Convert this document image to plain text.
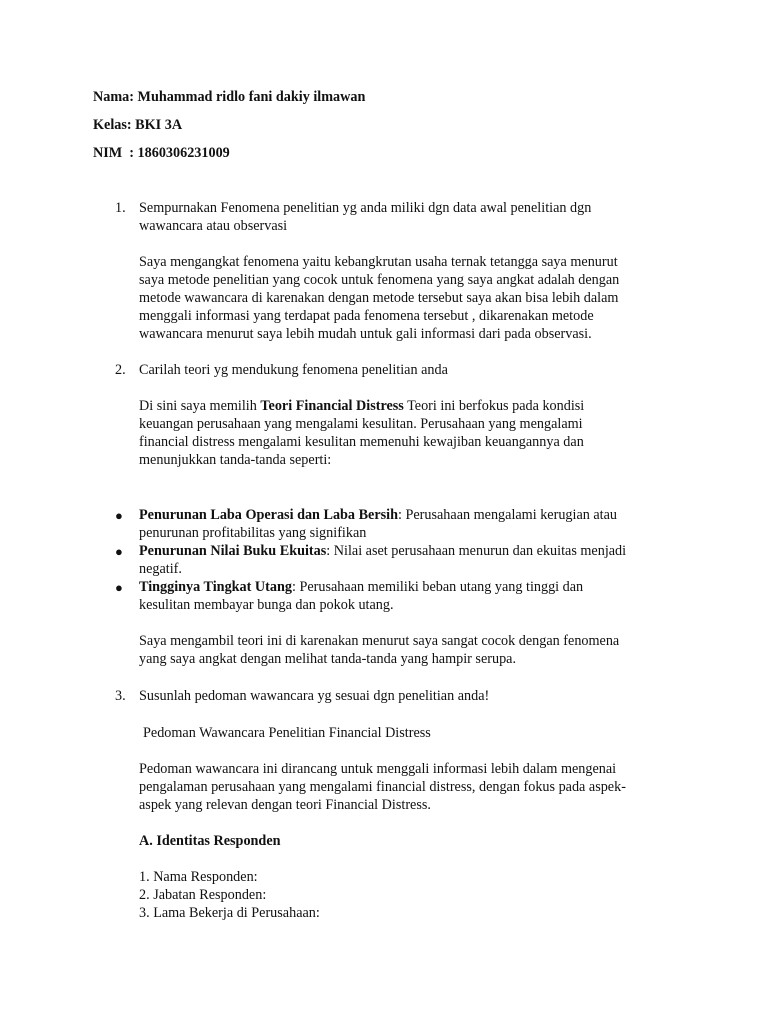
Nama: Muhammad ridlo fani dakiy ilmawan
Kelas: BKI 3A
NIM  : 1860306231009
1. Sempurnakan Fenomena penelitian yg anda miliki dgn data awal penelitian dgn
wawancara atau observasi
Saya mengangkat fenomena yaitu kebangkrutan usaha ternak tetangga saya menurut
saya metode penelitian yang cocok untuk fenomena yang saya angkat adalah dengan
metode wawancara di karenakan dengan metode tersebut saya akan bisa lebih dalam
menggali informasi yang terdapat pada fenomena tersebut , dikarenakan metode
wawancara menurut saya lebih mudah untuk gali informasi dari pada observasi.
2. Carilah teori yg mendukung fenomena penelitian anda
Di sini saya memilih Teori Financial Distress Teori ini berfokus pada kondisi
keuangan perusahaan yang mengalami kesulitan. Perusahaan yang mengalami
financial distress mengalami kesulitan memenuhi kewajiban keuangannya dan
menunjukkan tanda-tanda seperti:
● Penurunan Laba Operasi dan Laba Bersih: Perusahaan mengalami kerugian atau
penurunan profitabilitas yang signifikan
● Penurunan Nilai Buku Ekuitas: Nilai aset perusahaan menurun dan ekuitas menjadi
negatif.
● Tingginya Tingkat Utang: Perusahaan memiliki beban utang yang tinggi dan
kesulitan membayar bunga dan pokok utang.
Saya mengambil teori ini di karenakan menurut saya sangat cocok dengan fenomena
yang saya angkat dengan melihat tanda-tanda yang hampir serupa.
3. Susunlah pedoman wawancara yg sesuai dgn penelitian anda!
Pedoman Wawancara Penelitian Financial Distress
Pedoman wawancara ini dirancang untuk menggali informasi lebih dalam mengenai
pengalaman perusahaan yang mengalami financial distress, dengan fokus pada aspek-
aspek yang relevan dengan teori Financial Distress.
A. Identitas Responden
1. Nama Responden:
2. Jabatan Responden:
3. Lama Bekerja di Perusahaan:
